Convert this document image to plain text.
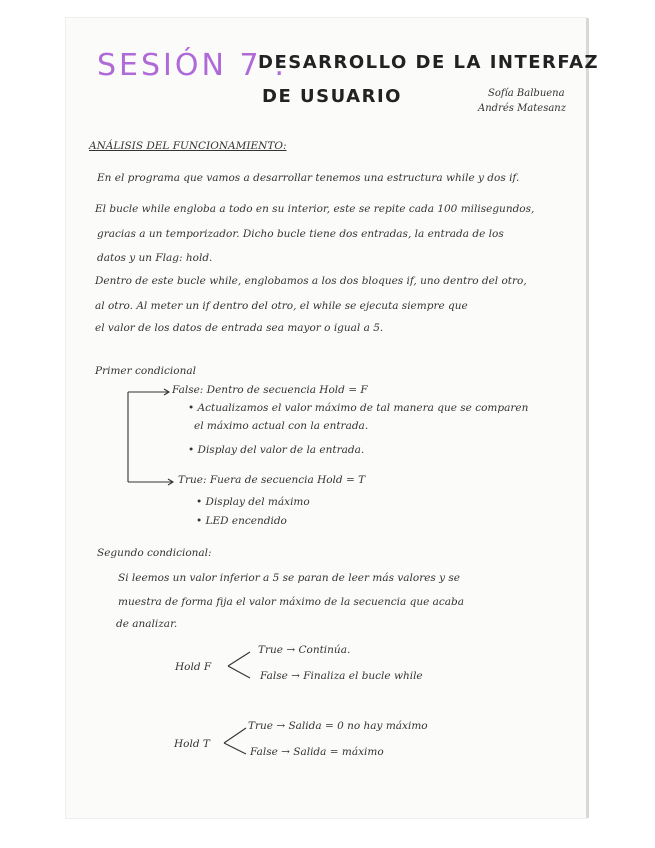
SESIÓN 7 :
DESARROLLO DE LA INTERFAZ
DE USUARIO	Sofía Balbuena
Andrés Matesanz
ANÁLISIS DEL FUNCIONAMIENTO:
En el programa que vamos a desarrollar tenemos una estructura while y dos if.
El bucle while engloba a todo en su interior, este se repite cada 100 milisegundos,
gracias a un temporizador. Dicho bucle tiene dos entradas, la entrada de los
datos y un Flag: hold.
Dentro de este bucle while, englobamos a los dos bloques if, uno dentro del otro,
al otro. Al meter un if dentro del otro, el while se ejecuta siempre que
el valor de los datos de entrada sea mayor o igual a 5.
Primer condicional
False: Dentro de secuencia Hold = F
• Actualizamos el valor máximo de tal manera que se comparen
el máximo actual con la entrada.
• Display del valor de la entrada.
True: Fuera de secuencia Hold = T
• Display del máximo
• LED encendido
Segundo condicional:
Si leemos un valor inferior a 5 se paran de leer más valores y se
muestra de forma fija el valor máximo de la secuencia que acaba
de analizar.
Hold F
True → Continúa.
False → Finaliza el bucle while
Hold T
True → Salida = 0 no hay máximo
False → Salida = máximo
